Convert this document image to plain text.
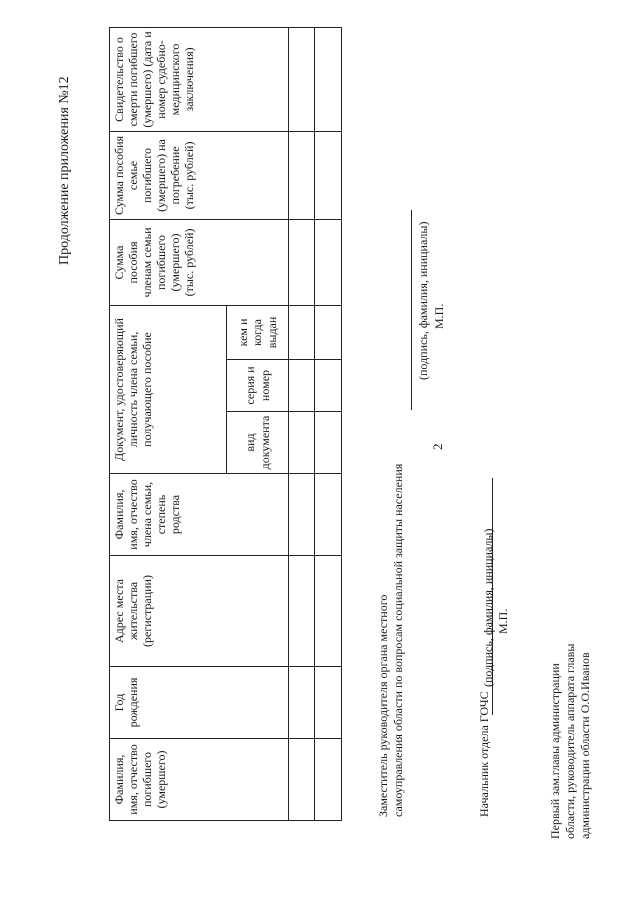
2
Продолжение приложения №12
Фамилия, имя, отчество погибшего (умершего)	Год рождения	Адрес места жительства (регистрации)	Фамилия, имя, отчество члена семьи, степень родства	Документ, удостоверяющий личность члена семьи, получающего пособие			Сумма пособия членам семьи погибшего (умершего) (тыс. рублей)	Сумма пособия семье погибшего (умершего) на погребение (тыс. рублей)	Свидетельство о смерти погибшего (умершего) (дата и номер судебно-медицинского заключения)
				вид документа	серия и номер	кем и когда выдан			

Заместитель руководителя органа местного самоуправления области по вопросам социальной защиты населения
(подпись, фамилия, инициалы) М.П.
Начальник отдела ГОЧС
(подпись, фамилия, инициалы) М.П.
Первый зам.главы администрации области, руководитель аппарата главы администрации области О.О.Иванов
